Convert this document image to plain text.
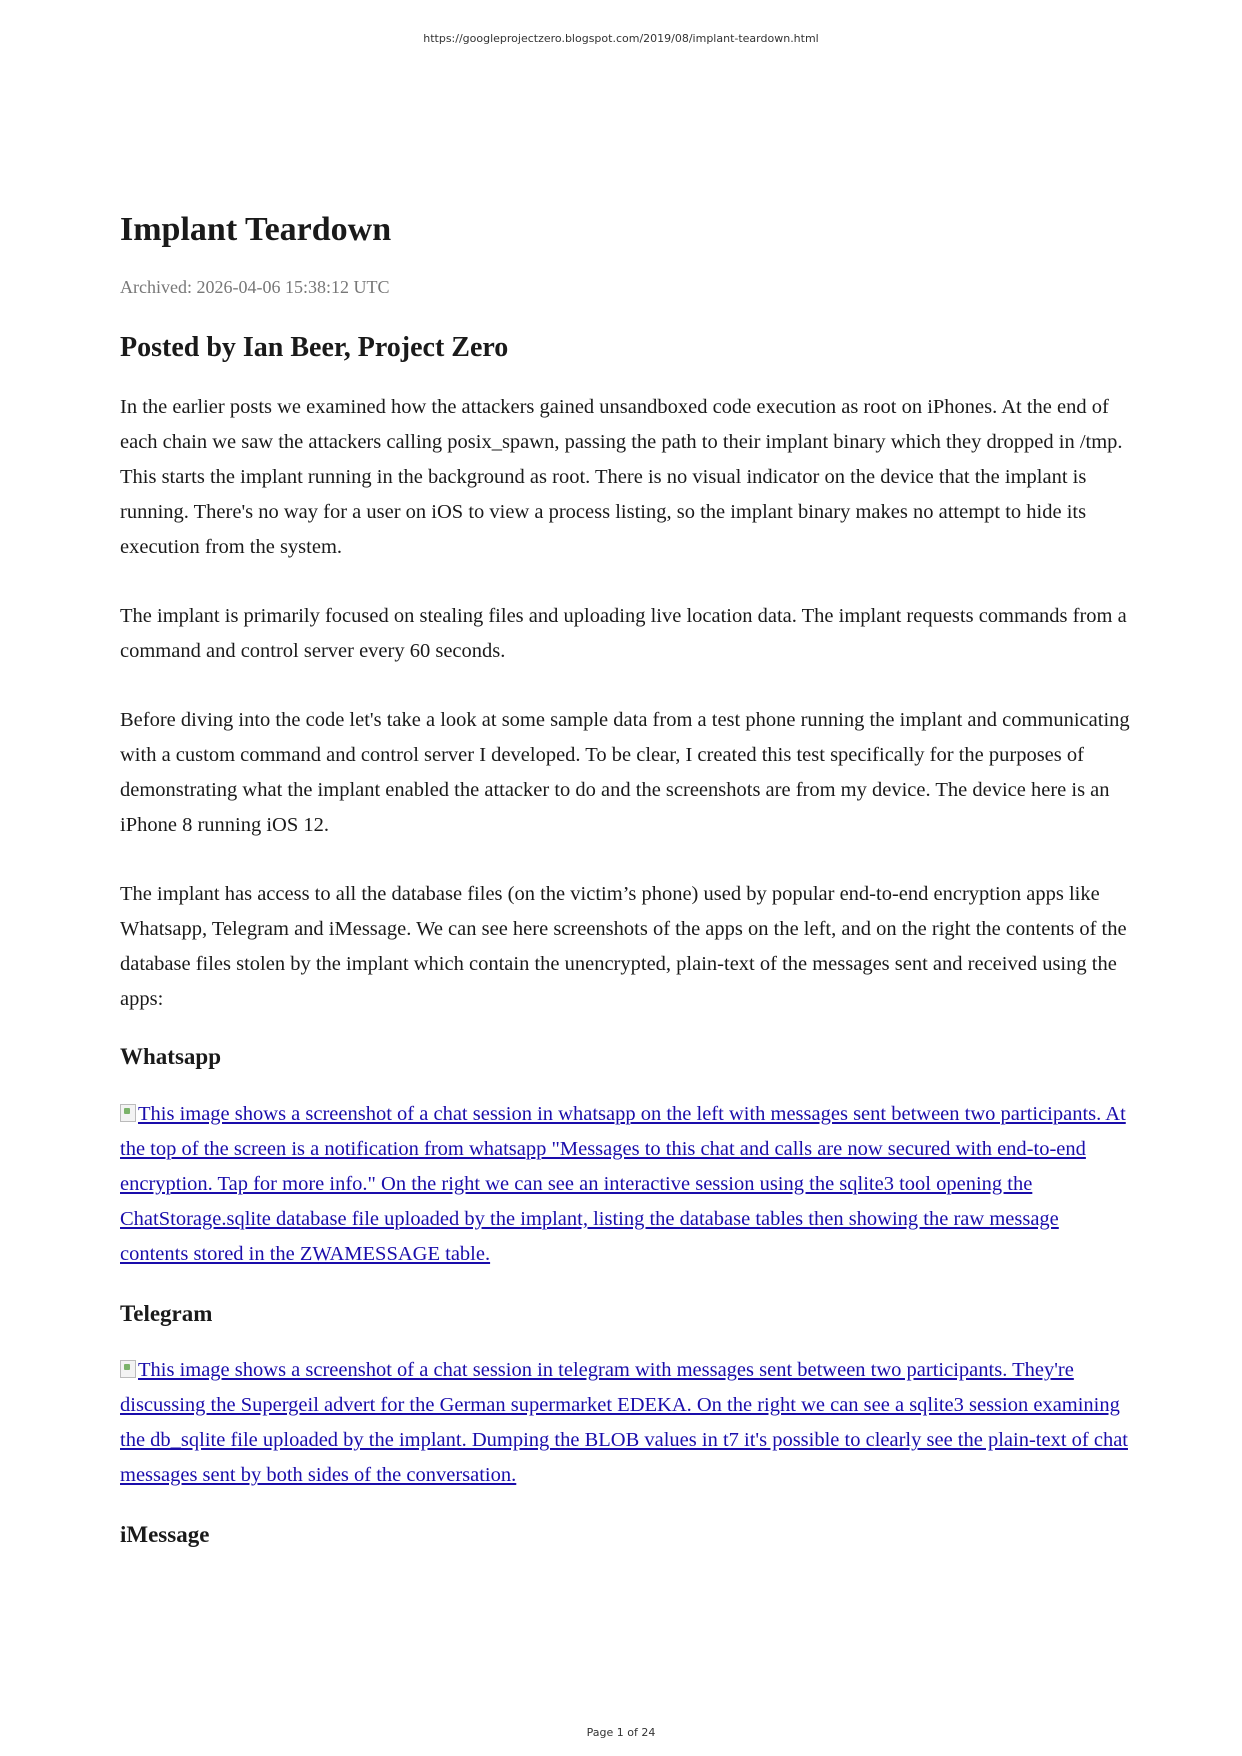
https://googleprojectzero.blogspot.com/2019/08/implant-teardown.html
Implant Teardown
Archived: 2026-04-06 15:38:12 UTC
Posted by Ian Beer, Project Zero

In the earlier posts we examined how the attackers gained unsandboxed code execution as root on iPhones. At the end of each chain we saw the attackers calling posix_spawn, passing the path to their implant binary which they dropped in /tmp. This starts the implant running in the background as root. There is no visual indicator on the device that the implant is running. There's no way for a user on iOS to view a process listing, so the implant binary makes no attempt to hide its execution from the system.

The implant is primarily focused on stealing files and uploading live location data. The implant requests commands from a command and control server every 60 seconds.

Before diving into the code let's take a look at some sample data from a test phone running the implant and communicating with a custom command and control server I developed. To be clear, I created this test specifically for the purposes of demonstrating what the implant enabled the attacker to do and the screenshots are from my device. The device here is an iPhone 8 running iOS 12.

The implant has access to all the database files (on the victim’s phone) used by popular end-to-end encryption apps like Whatsapp, Telegram and iMessage. We can see here screenshots of the apps on the left, and on the right the contents of the database files stolen by the implant which contain the unencrypted, plain-text of the messages sent and received using the apps:

Whatsapp

This image shows a screenshot of a chat session in whatsapp on the left with messages sent between two participants. At the top of the screen is a notification from whatsapp "Messages to this chat and calls are now secured with end-to-end encryption. Tap for more info." On the right we can see an interactive session using the sqlite3 tool opening the ChatStorage.sqlite database file uploaded by the implant, listing the database tables then showing the raw message contents stored in the ZWAMESSAGE table.

Telegram

This image shows a screenshot of a chat session in telegram with messages sent between two participants. They're discussing the Supergeil advert for the German supermarket EDEKA. On the right we can see a sqlite3 session examining the db_sqlite file uploaded by the implant. Dumping the BLOB values in t7 it's possible to clearly see the plain-text of chat messages sent by both sides of the conversation.

iMessage
Page 1 of 24
